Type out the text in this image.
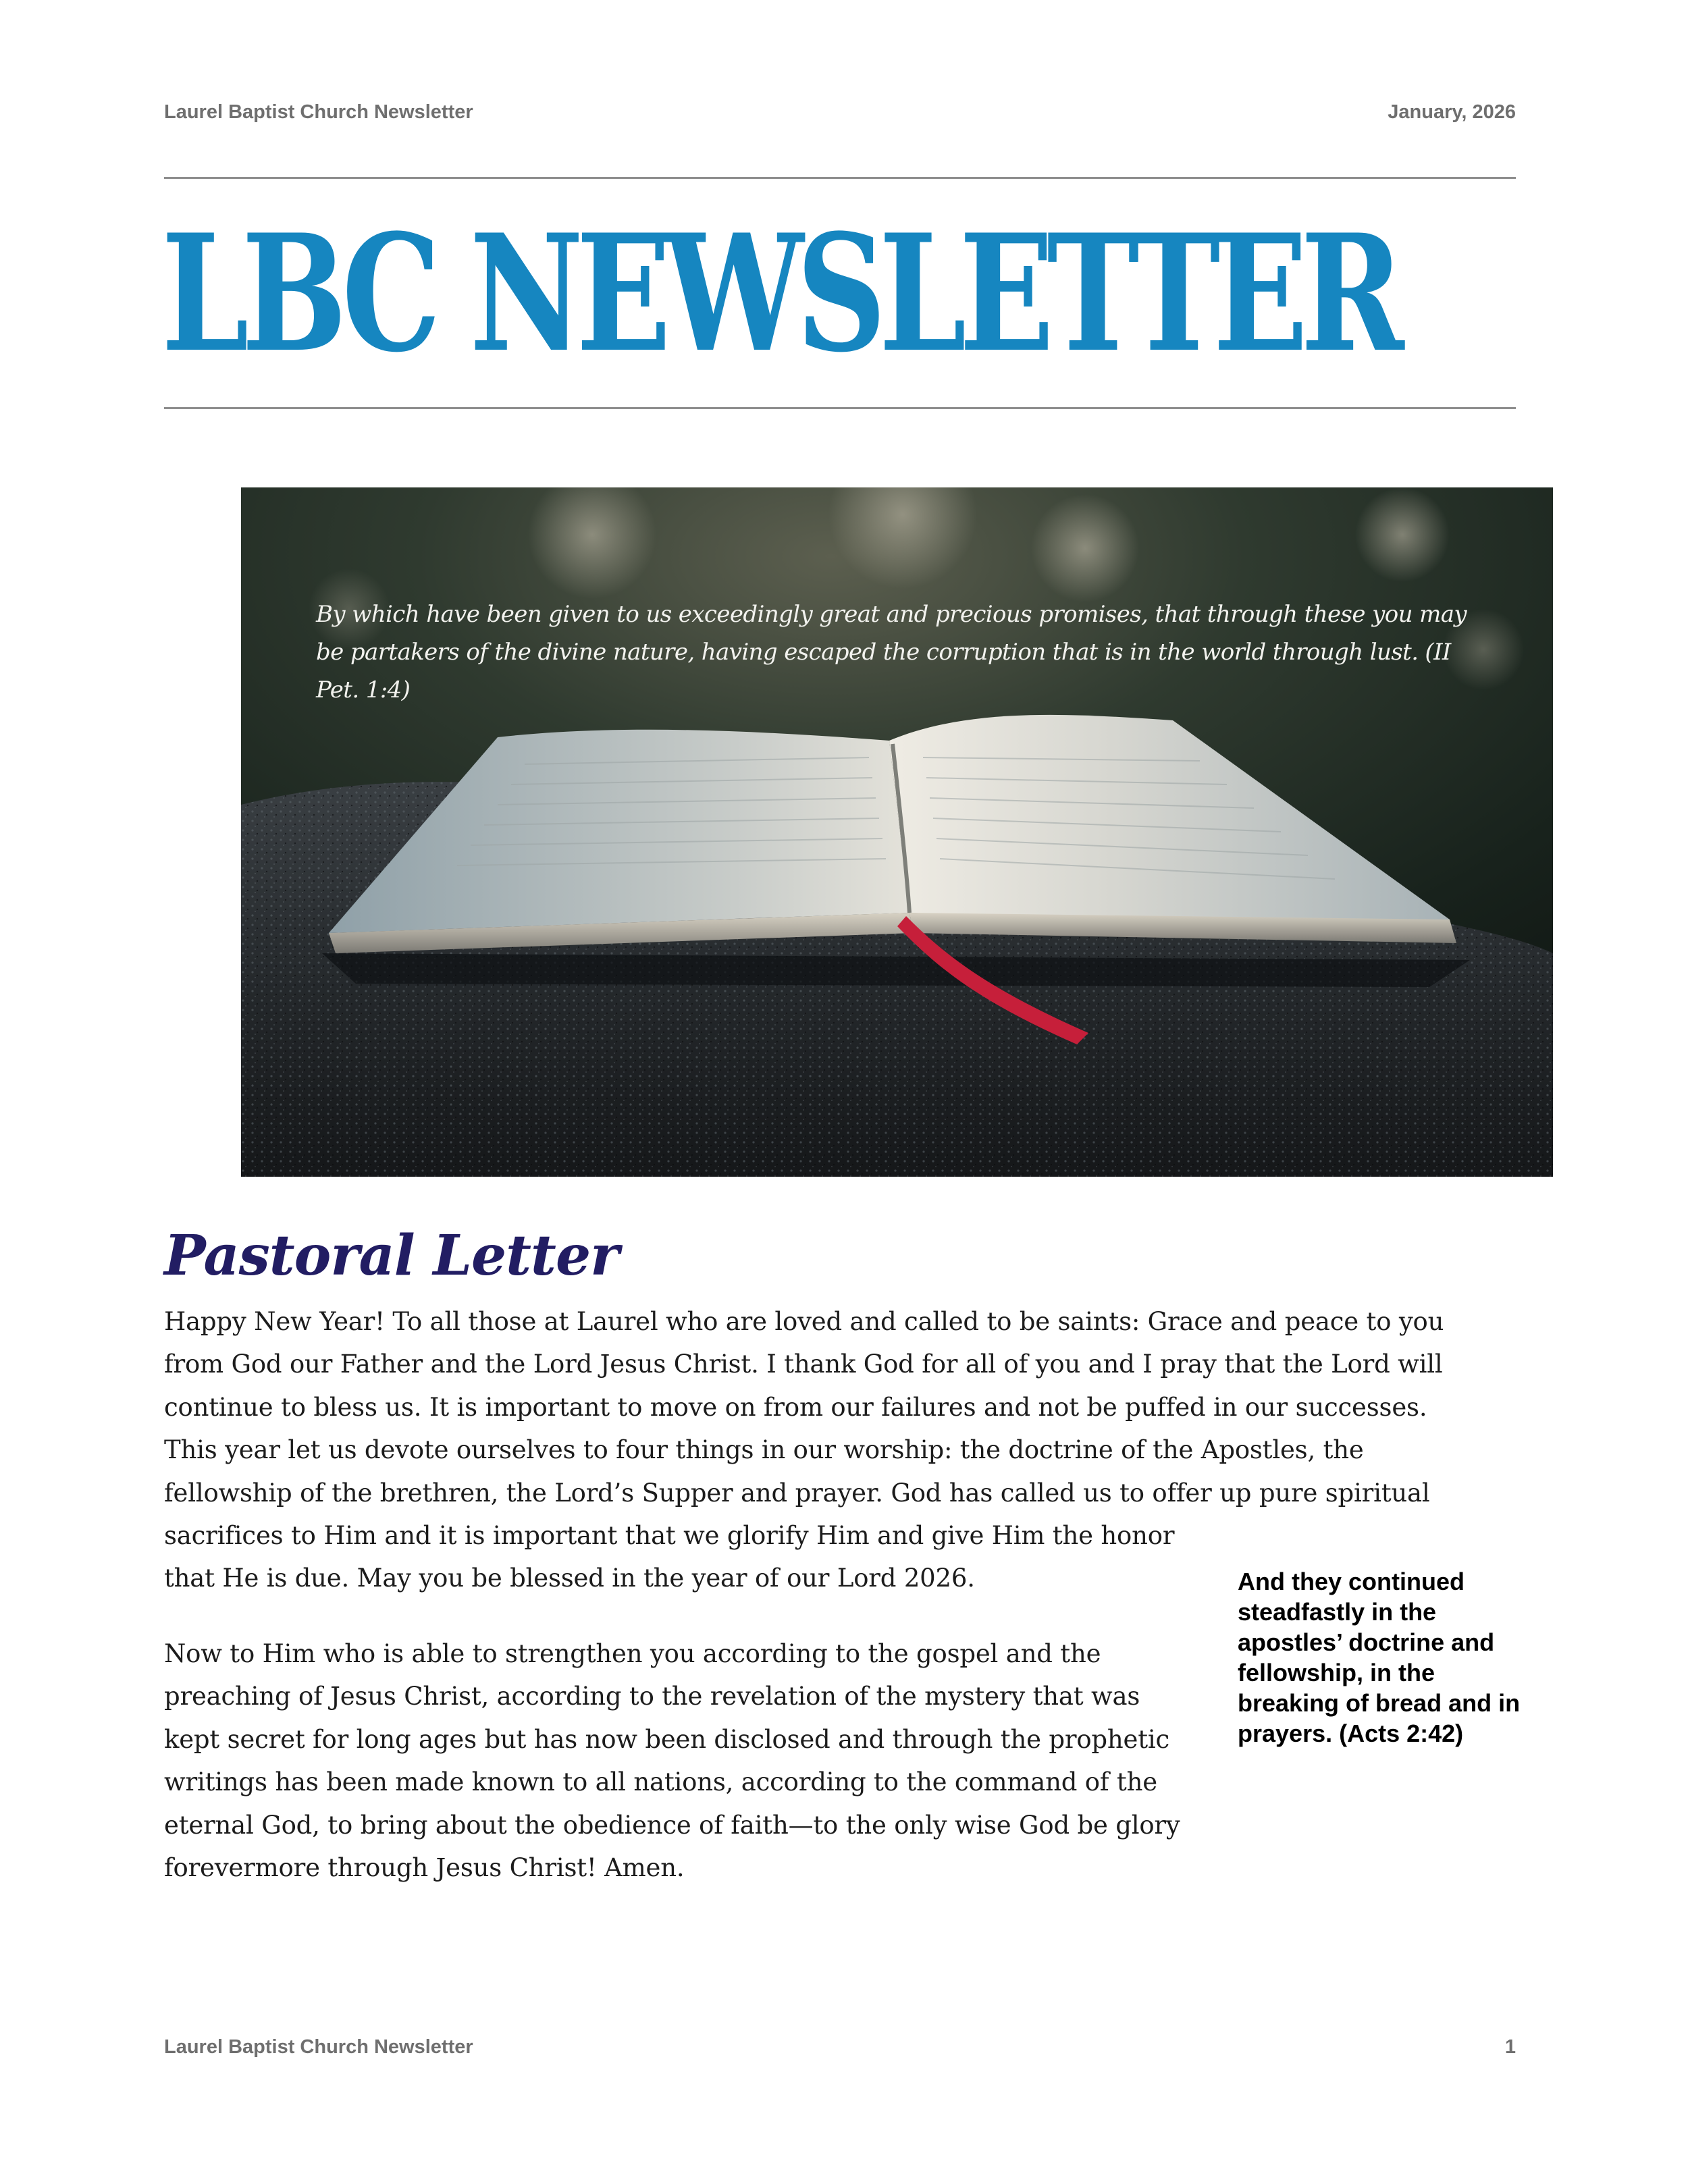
Laurel Baptist Church Newsletter	January, 2026
LBC NEWSLETTER
By which have been given to us exceedingly great and precious promises, that through these you may be partakers of the divine nature, having escaped the corruption that is in the world through lust. (II Pet. 1:4)
Pastoral Letter
Happy New Year! To all those at Laurel who are loved and called to be saints: Grace and peace to you
from God our Father and the Lord Jesus Christ. I thank God for all of you and I pray that the Lord will
continue to bless us. It is important to move on from our failures and not be puffed in our successes.
This year let us devote ourselves to four things in our worship: the doctrine of the Apostles, the
fellowship of the brethren, the Lord’s Supper and prayer. God has called us to offer up pure spiritual
sacrifices to Him and it is important that we glorify Him and give Him the honor
that He is due. May you be blessed in the year of our Lord 2026.
Now to Him who is able to strengthen you according to the gospel and the
preaching of Jesus Christ, according to the revelation of the mystery that was
kept secret for long ages but has now been disclosed and through the prophetic
writings has been made known to all nations, according to the command of the
eternal God, to bring about the obedience of faith—to the only wise God be glory
forevermore through Jesus Christ! Amen.
And they continued steadfastly in the apostles’ doctrine and fellowship, in the breaking of bread and in prayers. (Acts 2:42)
Laurel Baptist Church Newsletter	1
